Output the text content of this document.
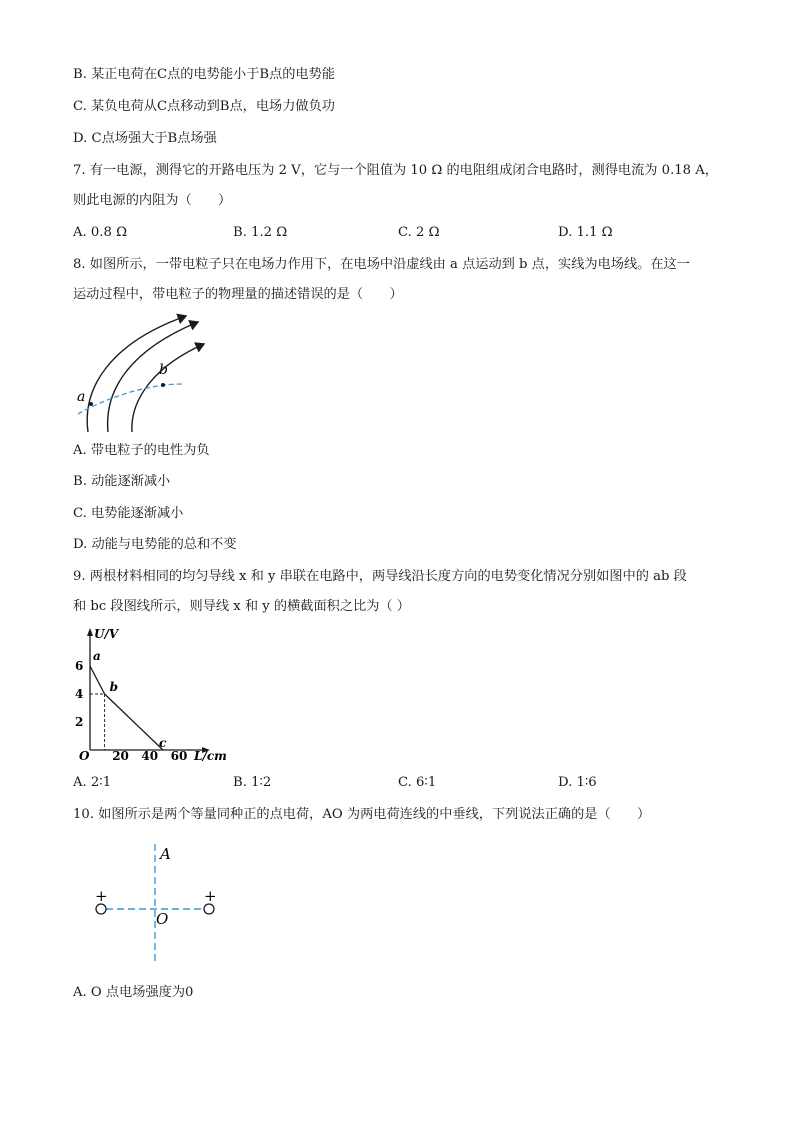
B. 某正电荷在C点的电势能小于B点的电势能
C. 某负电荷从C点移动到B点，电场力做负功
D. C点场强大于B点场强
7. 有一电源，测得它的开路电压为 2 V，它与一个阻值为 10 Ω 的电阻组成闭合电路时，测得电流为 0.18 A，
则此电源的内阻为（　　）
A. 0.8 Ω	B. 1.2 Ω	C. 2 Ω	D. 1.1 Ω
8. 如图所示，一带电粒子只在电场力作用下，在电场中沿虚线由 a 点运动到 b 点，实线为电场线。在这一
运动过程中，带电粒子的物理量的描述错误的是（　　）
a
b
A. 带电粒子的电性为负
B. 动能逐渐减小
C. 电势能逐渐减小
D. 动能与电势能的总和不变
9. 两根材料相同的均匀导线 x 和 y 串联在电路中，两导线沿长度方向的电势变化情况分别如图中的 ab 段
和 bc 段图线所示，则导线 x 和 y 的横截面积之比为（ ）
2
4
6
O 20 40 60
a
b
c
U/V
L/cm
A. 2∶1	B. 1∶2	C. 6∶1	D. 1∶6
10. 如图所示是两个等量同种正的点电荷，AO 为两电荷连线的中垂线，下列说法正确的是（　　）
+	+
A
O
A. O 点电场强度为0
